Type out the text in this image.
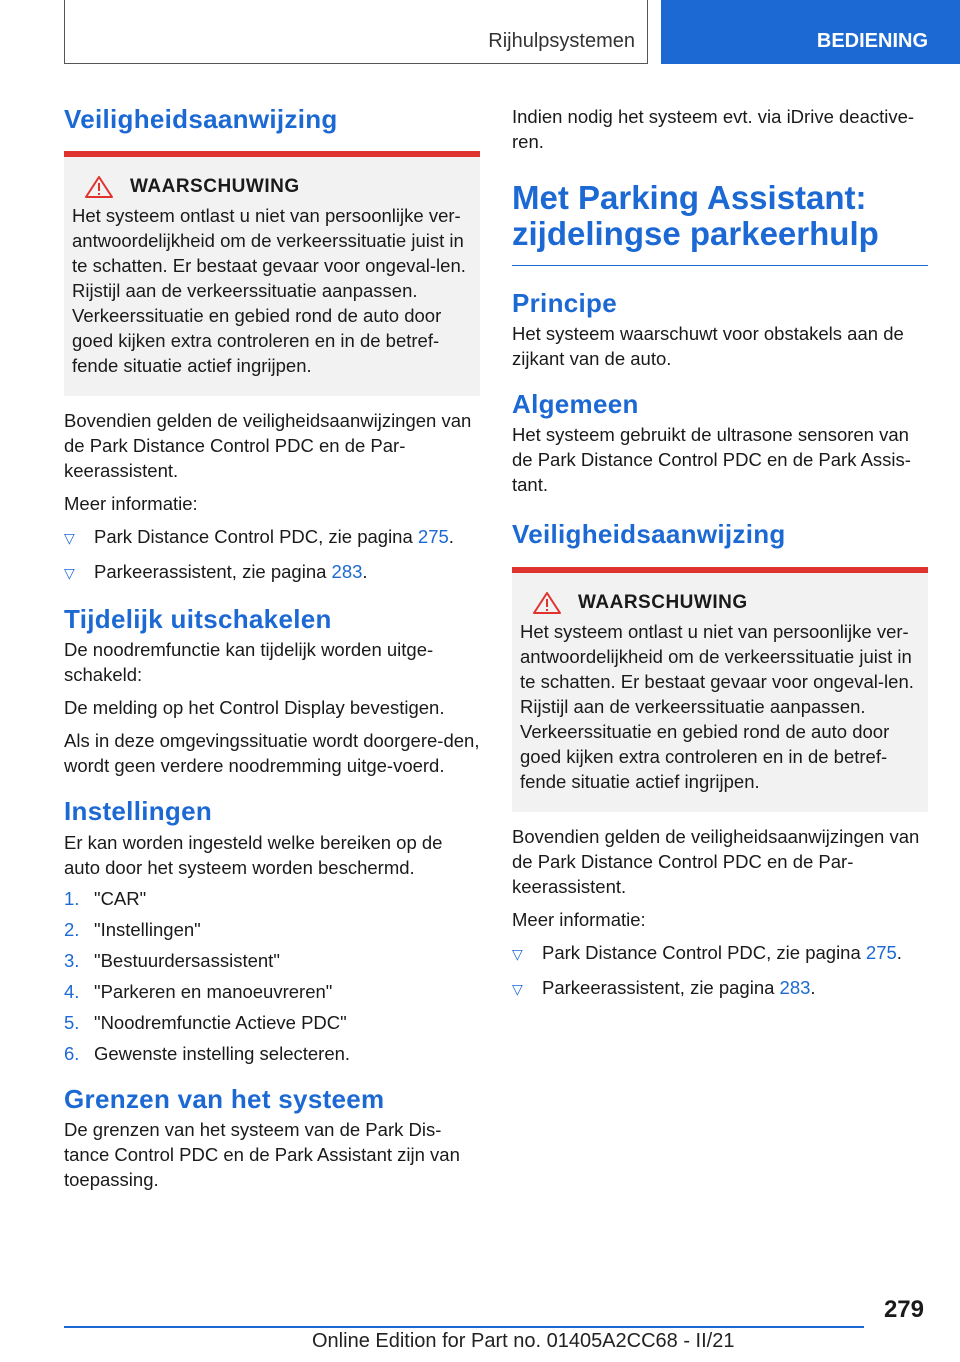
Rijhulpsystemen	BEDIENING
Veiligheidsaanwijzing
WAARSCHUWING

Het systeem ontlast u niet van persoonlijke ver-antwoordelijkheid om de verkeerssituatie juist in te schatten. Er bestaat gevaar voor ongeval-len. Rijstijl aan de verkeerssituatie aanpassen. Verkeerssituatie en gebied rond de auto door goed kijken extra controleren en in de betref-fende situatie actief ingrijpen.

Bovendien gelden de veiligheidsaanwijzingen van de Park Distance Control PDC en de Par-keerassistent.

Meer informatie:

▽	Park Distance Control PDC, zie pagina 275.
▽	Parkeerassistent, zie pagina 283.
Tijdelijk uitschakelen

De noodremfunctie kan tijdelijk worden uitge-schakeld:

De melding op het Control Display bevestigen.

Als in deze omgevingssituatie wordt doorgere-den, wordt geen verdere noodremming uitge-voerd.

Instellingen

Er kan worden ingesteld welke bereiken op de auto door het systeem worden beschermd.

1. "CAR"
2. "Instellingen"
3. "Bestuurdersassistent"
4. "Parkeren en manoeuvreren"
5. "Noodremfunctie Actieve PDC"
6. Gewenste instelling selecteren.
Grenzen van het systeem

De grenzen van het systeem van de Park Dis-tance Control PDC en de Park Assistant zijn van toepassing.

Indien nodig het systeem evt. via iDrive deactive-ren.

Met Parking Assistant: zijdelingse parkeerhulp
Principe

Het systeem waarschuwt voor obstakels aan de zijkant van de auto.

Algemeen

Het systeem gebruikt de ultrasone sensoren van de Park Distance Control PDC en de Park Assis-tant.

Veiligheidsaanwijzing
WAARSCHUWING

Het systeem ontlast u niet van persoonlijke ver-antwoordelijkheid om de verkeerssituatie juist in te schatten. Er bestaat gevaar voor ongeval-len. Rijstijl aan de verkeerssituatie aanpassen. Verkeerssituatie en gebied rond de auto door goed kijken extra controleren en in de betref-fende situatie actief ingrijpen.

Bovendien gelden de veiligheidsaanwijzingen van de Park Distance Control PDC en de Par-keerassistent.

Meer informatie:

▽	Park Distance Control PDC, zie pagina 275.
▽	Parkeerassistent, zie pagina 283.
279
Online Edition for Part no. 01405A2CC68 - II/21
